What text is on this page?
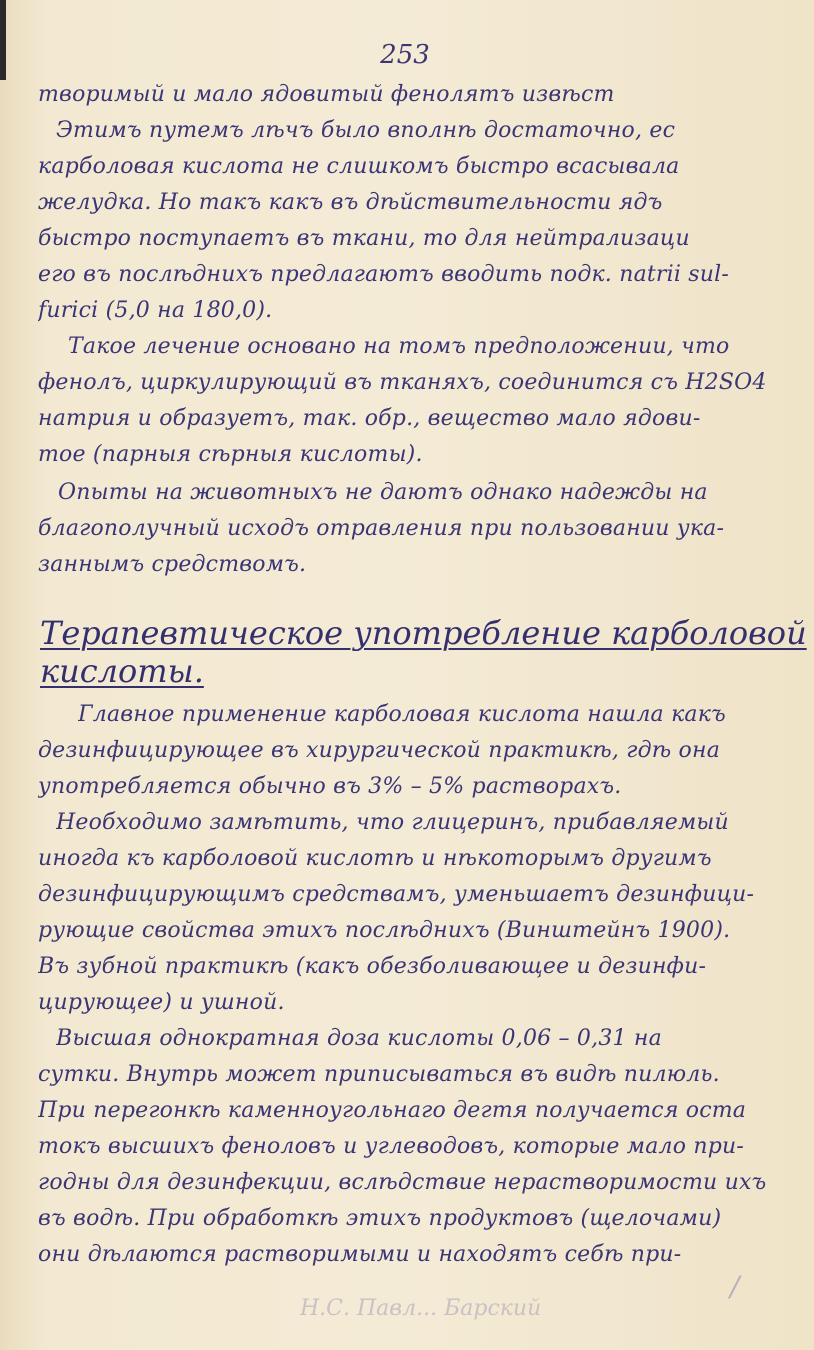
253
творимый и мало ядовитый фенолятъ извѣст
Этимъ путемъ лѣчъ было вполнѣ достаточно, ес
карболовая кислота не слишкомъ быстро всасывала
желудка. Но такъ какъ въ дѣйствительности ядъ
быстро поступаетъ въ ткани, то для нейтрализаци
его въ послѣднихъ предлагаютъ вводить подк. natrii sul-
furici (5,0 на 180,0).
Такое лечение основано на томъ предположении, что
фенолъ, циркулирующий въ тканяхъ, соединится съ H2SO4
натрия и образуетъ, так. обр., вещество мало ядови-
тое (парныя сѣрныя кислоты).
Опыты на животныхъ не даютъ однако надежды на
благополучный исходъ отравления при пользовании ука-
заннымъ средствомъ.
Терапевтическое употребление карболовой
кислоты.
Главное применение карболовая кислота нашла какъ
дезинфицирующее въ хирургической практикѣ, гдѣ она
употребляется обычно въ 3% – 5% растворахъ.
Необходимо замѣтить, что глицеринъ, прибавляемый
иногда къ карболовой кислотѣ и нѣкоторымъ другимъ
дезинфицирующимъ средствамъ, уменьшаетъ дезинфици-
рующие свойства этихъ послѣднихъ (Винштейнъ 1900).
Въ зубной практикѣ (какъ обезболивающее и дезинфи-
цирующее) и ушной.
Высшая однократная доза кислоты 0,06 – 0,31 на
сутки. Внутрь может приписываться въ видѣ пилюль.
При перегонкѣ каменноугольнаго дегтя получается оста
токъ высшихъ феноловъ и углеводовъ, которые мало при-
годны для дезинфекции, вслѣдствие нерастворимости ихъ
въ водѣ. При обработкѣ этихъ продуктовъ (щелочами)
они дѣлаются растворимыми и находятъ себѣ при-
Н.С. Павл... Барский
/
